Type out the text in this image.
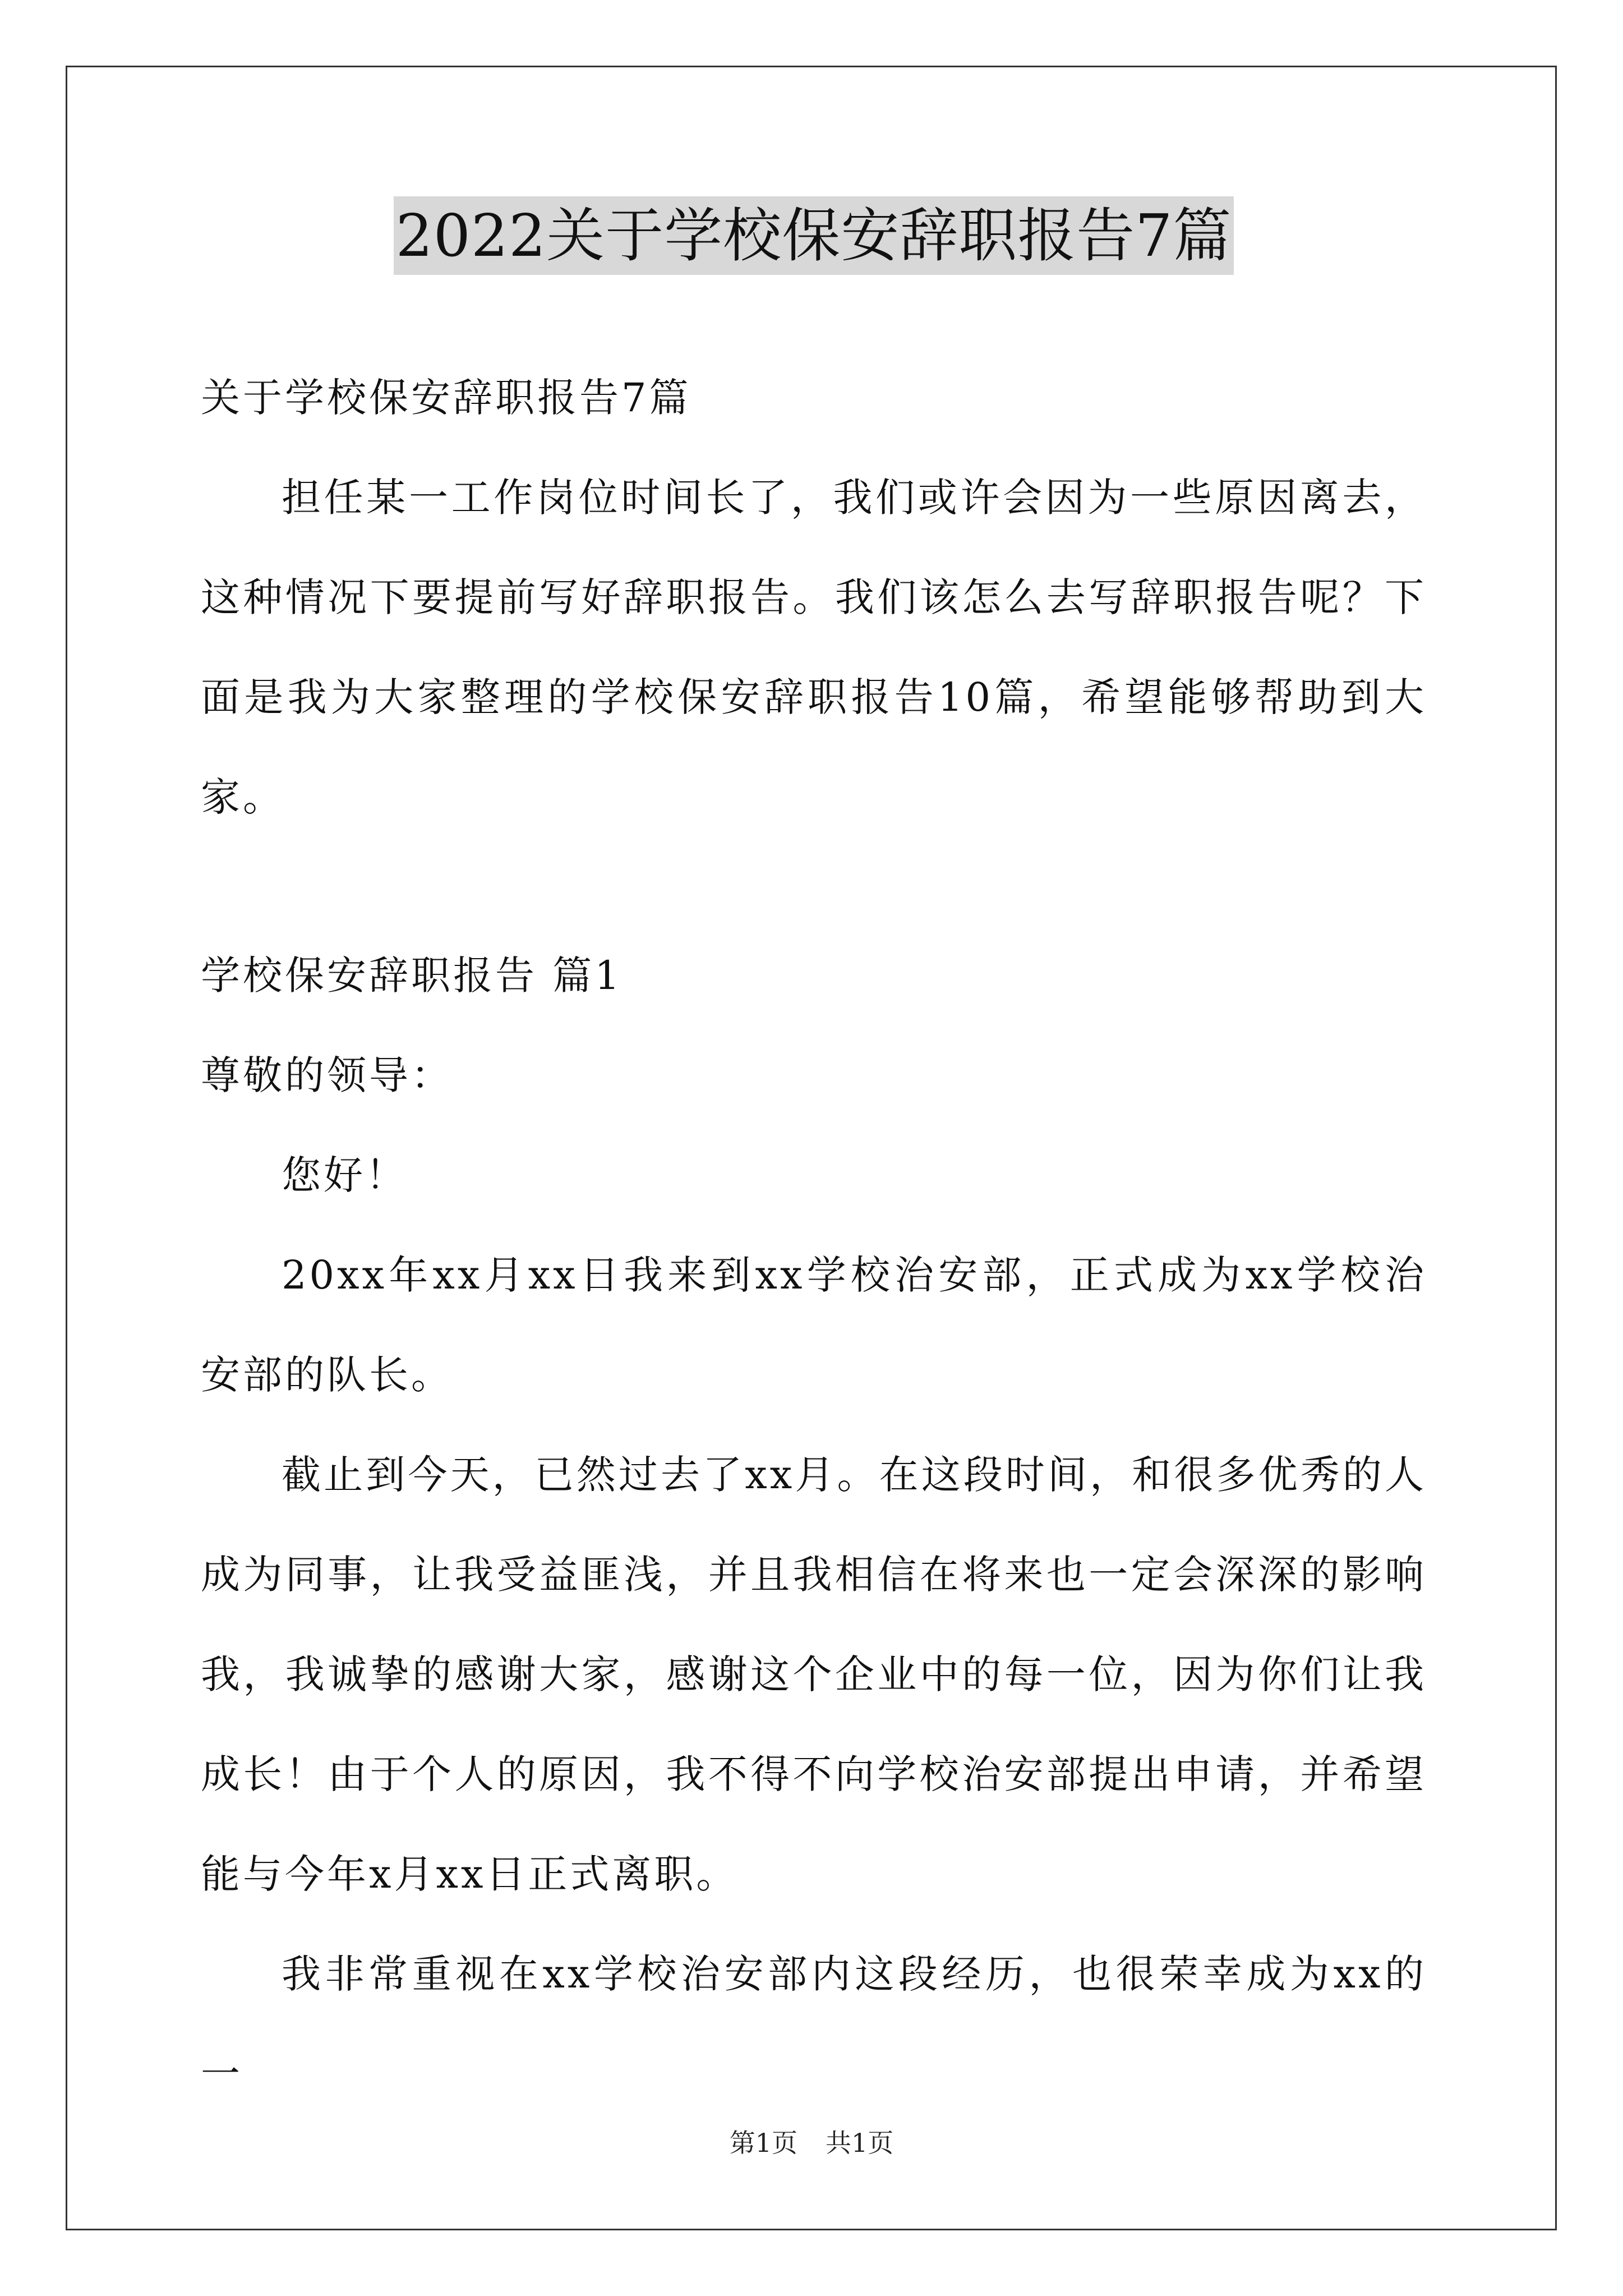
2022关于学校保安辞职报告7篇

关于学校保安辞职报告7篇

担任某一工作岗位时间长了，我们或许会因为一些原因离去，这种情况下要提前写好辞职报告。我们该怎么去写辞职报告呢？下面是我为大家整理的学校保安辞职报告10篇，希望能够帮助到大家。

学校保安辞职报告 篇1

尊敬的领导：

您好！

20xx年xx月xx日我来到xx学校治安部，正式成为xx学校治安部的队长。

截止到今天，已然过去了xx月。在这段时间，和很多优秀的人成为同事，让我受益匪浅，并且我相信在将来也一定会深深的影响我，我诚挚的感谢大家，感谢这个企业中的每一位，因为你们让我成长！由于个人的原因，我不得不向学校治安部提出申请，并希望能与今年x月xx日正式离职。

我非常重视在xx学校治安部内这段经历，也很荣幸成为xx的一

第1页 共1页
